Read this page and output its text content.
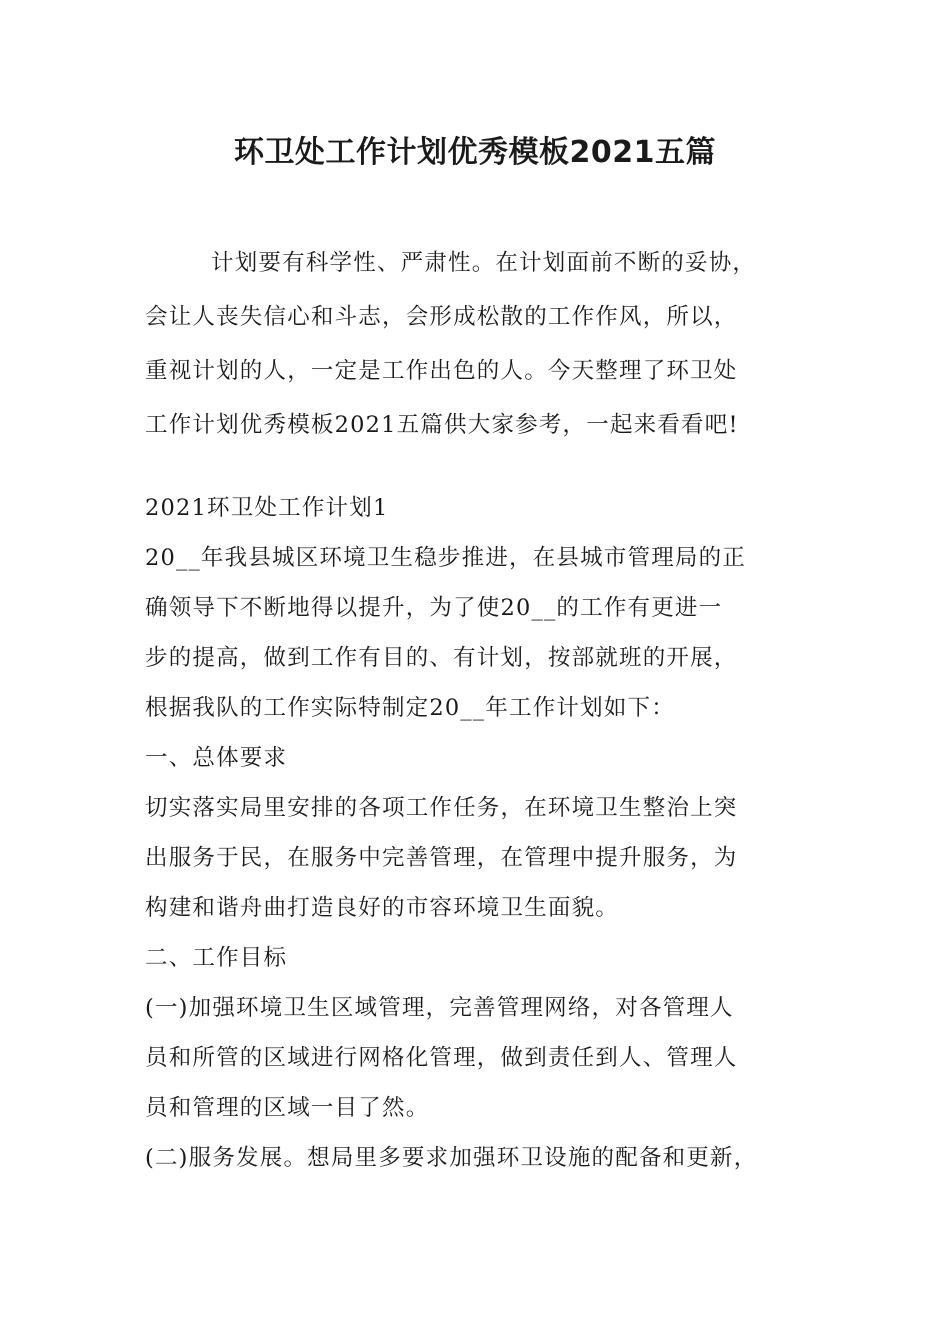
环卫处工作计划优秀模板2021五篇
计划要有科学性、严肃性。在计划面前不断的妥协，
会让人丧失信心和斗志，会形成松散的工作作风，所以，
重视计划的人，一定是工作出色的人。今天整理了环卫处
工作计划优秀模板2021五篇供大家参考，一起来看看吧!
2021环卫处工作计划1
20__年我县城区环境卫生稳步推进，在县城市管理局的正
确领导下不断地得以提升，为了使20__的工作有更进一
步的提高，做到工作有目的、有计划，按部就班的开展，
根据我队的工作实际特制定20__年工作计划如下：
一、总体要求
切实落实局里安排的各项工作任务，在环境卫生整治上突
出服务于民，在服务中完善管理，在管理中提升服务，为
构建和谐舟曲打造良好的市容环境卫生面貌。
二、工作目标
(一)加强环境卫生区域管理，完善管理网络，对各管理人
员和所管的区域进行网格化管理，做到责任到人、管理人
员和管理的区域一目了然。
(二)服务发展。想局里多要求加强环卫设施的配备和更新，
